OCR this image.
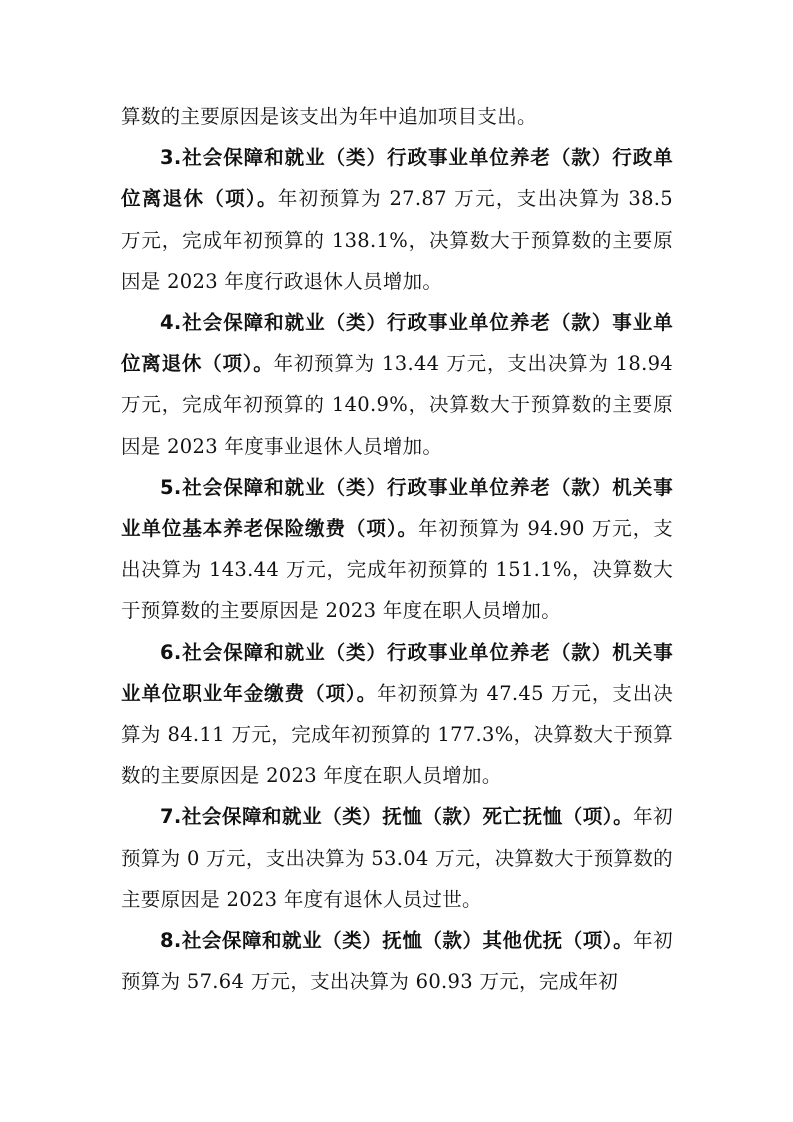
算数的主要原因是该支出为年中追加项目支出。

3.社会保障和就业（类）行政事业单位养老（款）行政单位离退休（项）。年初预算为 27.87 万元，支出决算为 38.5 万元，完成年初预算的 138.1%，决算数大于预算数的主要原因是 2023 年度行政退休人员增加。

4.社会保障和就业（类）行政事业单位养老（款）事业单位离退休（项）。年初预算为 13.44 万元，支出决算为 18.94 万元，完成年初预算的 140.9%，决算数大于预算数的主要原因是 2023 年度事业退休人员增加。

5.社会保障和就业（类）行政事业单位养老（款）机关事业单位基本养老保险缴费（项）。年初预算为 94.90 万元，支出决算为 143.44 万元，完成年初预算的 151.1%，决算数大于预算数的主要原因是 2023 年度在职人员增加。

6.社会保障和就业（类）行政事业单位养老（款）机关事业单位职业年金缴费（项）。年初预算为 47.45 万元，支出决算为 84.11 万元，完成年初预算的 177.3%，决算数大于预算数的主要原因是 2023 年度在职人员增加。

7.社会保障和就业（类）抚恤（款）死亡抚恤（项）。年初预算为 0 万元，支出决算为 53.04 万元，决算数大于预算数的主要原因是 2023 年度有退休人员过世。

8.社会保障和就业（类）抚恤（款）其他优抚（项）。年初预算为 57.64 万元，支出决算为 60.93 万元，完成年初
